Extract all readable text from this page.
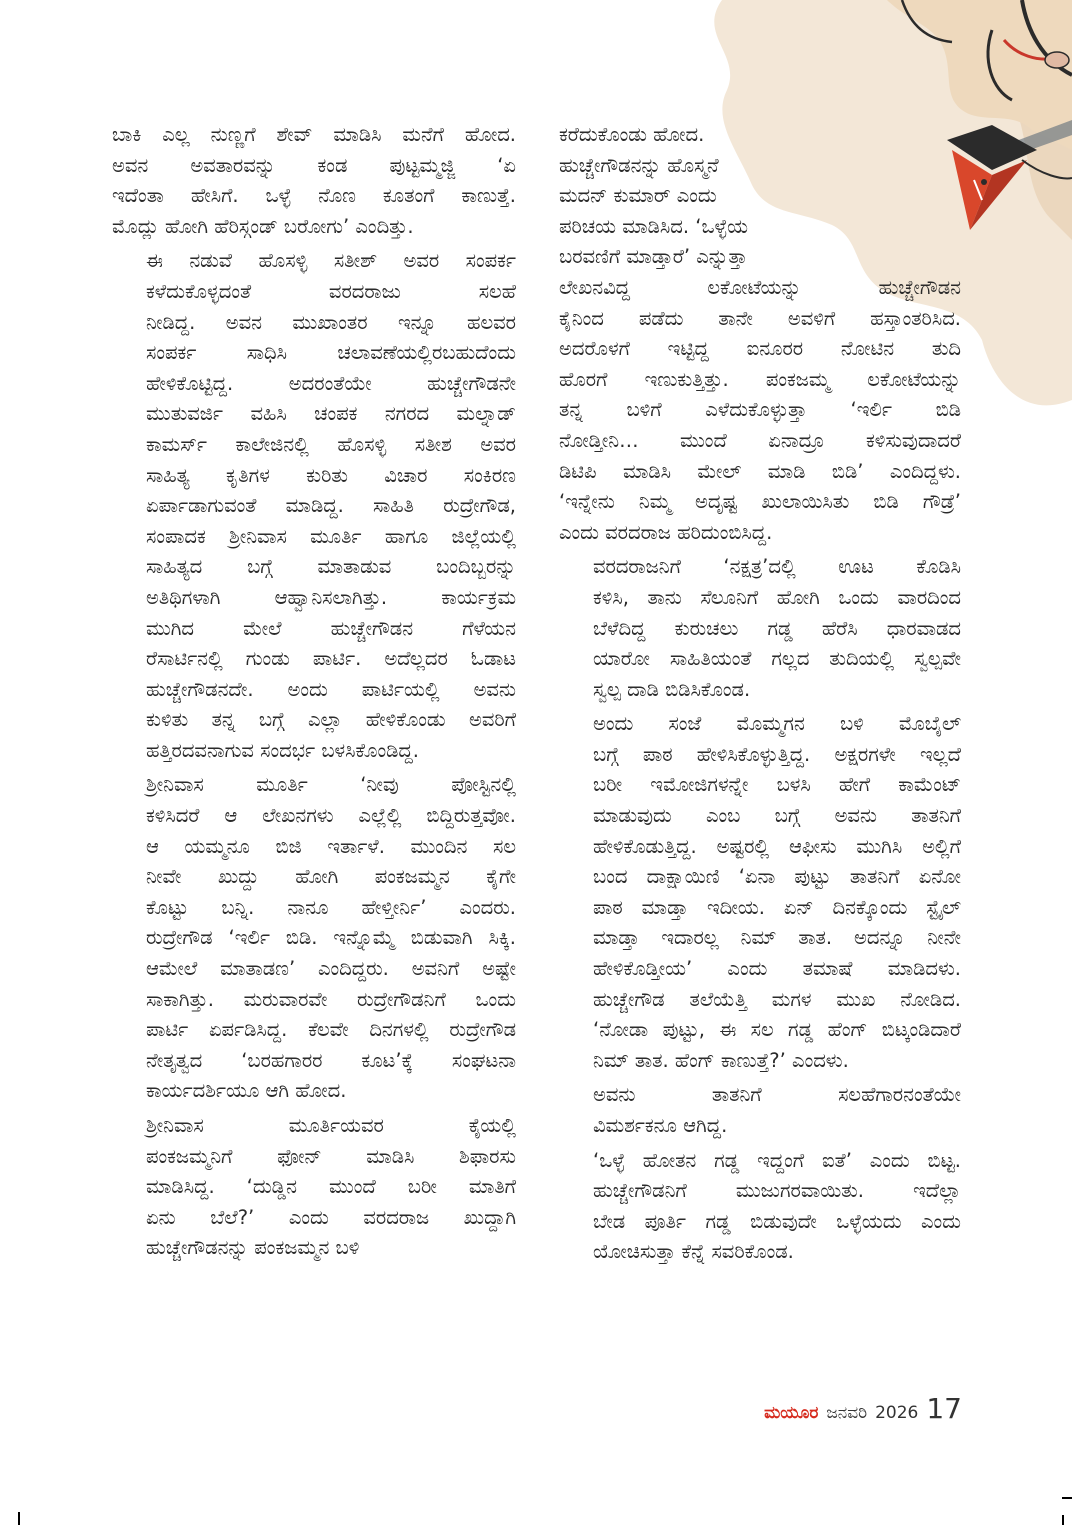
ಬಾಕಿ ಎಲ್ಲ ನುಣ್ಣಗೆ ಶೇವ್ ಮಾಡಿಸಿ ಮನೆಗೆ ಹೋದ.
ಅವನ ಅವತಾರವನ್ನು ಕಂಡ ಪುಟ್ಟಮ್ಮಜ್ಜಿ ‘ಏ
ಇದೆಂತಾ ಹೇಸಿಗೆ. ಒಳ್ಳೆ ನೊಣ ಕೂತಂಗೆ ಕಾಣುತ್ತೆ.
ಮೊದ್ಲು ಹೋಗಿ ಹೆರಿಸ್ಗಂಡ್ ಬರೋಗು’ ಎಂದಿತ್ತು.

ಈ ನಡುವೆ ಹೊಸಳ್ಳಿ ಸತೀಶ್ ಅವರ ಸಂಪರ್ಕ
ಕಳೆದುಕೊಳ್ಳದಂತೆ ವರದರಾಜು ಸಲಹೆ
ನೀಡಿದ್ದ. ಅವನ ಮುಖಾಂತರ ಇನ್ನೂ ಹಲವರ
ಸಂಪರ್ಕ ಸಾಧಿಸಿ ಚಲಾವಣೆಯಲ್ಲಿರಬಹುದೆಂದು
ಹೇಳಿಕೊಟ್ಟಿದ್ದ. ಅದರಂತೆಯೇ ಹುಚ್ಚೇಗೌಡನೇ
ಮುತುವರ್ಜಿ ವಹಿಸಿ ಚಂಪಕ ನಗರದ ಮಲ್ನಾಡ್
ಕಾಮರ್ಸ್ ಕಾಲೇಜಿನಲ್ಲಿ ಹೊಸಳ್ಳಿ ಸತೀಶ ಅವರ
ಸಾಹಿತ್ಯ ಕೃತಿಗಳ ಕುರಿತು ವಿಚಾರ ಸಂಕಿರಣ
ಏರ್ಪಾಡಾಗುವಂತೆ ಮಾಡಿದ್ದ. ಸಾಹಿತಿ ರುದ್ರೇಗೌಡ,
ಸಂಪಾದಕ ಶ್ರೀನಿವಾಸ ಮೂರ್ತಿ ಹಾಗೂ ಜಿಲ್ಲೆಯಲ್ಲಿ
ಸಾಹಿತ್ಯದ ಬಗ್ಗೆ ಮಾತಾಡುವ ಬಂದಿಬ್ಬರನ್ನು
ಅತಿಥಿಗಳಾಗಿ ಆಹ್ವಾನಿಸಲಾಗಿತ್ತು. ಕಾರ್ಯಕ್ರಮ
ಮುಗಿದ ಮೇಲೆ ಹುಚ್ಚೇಗೌಡನ ಗೆಳೆಯನ
ರೆಸಾರ್ಟಿನಲ್ಲಿ ಗುಂಡು ಪಾರ್ಟಿ. ಅದೆಲ್ಲದರ ಓಡಾಟ
ಹುಚ್ಚೇಗೌಡನದೇ. ಅಂದು ಪಾರ್ಟಿಯಲ್ಲಿ ಅವನು
ಕುಳಿತು ತನ್ನ ಬಗ್ಗೆ ಎಲ್ಲಾ ಹೇಳಿಕೊಂಡು ಅವರಿಗೆ
ಹತ್ತಿರದವನಾಗುವ ಸಂದರ್ಭ ಬಳಸಿಕೊಂಡಿದ್ದ.

ಶ್ರೀನಿವಾಸ ಮೂರ್ತಿ ‘ನೀವು ಪೋಸ್ಟಿನಲ್ಲಿ
ಕಳಿಸಿದರೆ ಆ ಲೇಖನಗಳು ಎಲ್ಲೆಲ್ಲಿ ಬಿದ್ದಿರುತ್ತವೋ.
ಆ ಯಮ್ಮನೂ ಬಿಜಿ ಇರ್ತಾಳೆ. ಮುಂದಿನ ಸಲ
ನೀವೇ ಖುದ್ದು ಹೋಗಿ ಪಂಕಜಮ್ಮನ ಕೈಗೇ
ಕೊಟ್ಟು ಬನ್ನಿ. ನಾನೂ ಹೇಳ್ತೀರ್ನಿ’ ಎಂದರು.
ರುದ್ರೇಗೌಡ ‘ಇರ್ಲಿ ಬಿಡಿ. ಇನ್ನೊಮ್ಮೆ ಬಿಡುವಾಗಿ ಸಿಕ್ಕಿ.
ಆಮೇಲೆ ಮಾತಾಡಣ’ ಎಂದಿದ್ದರು. ಅವನಿಗೆ ಅಷ್ಟೇ
ಸಾಕಾಗಿತ್ತು. ಮರುವಾರವೇ ರುದ್ರೇಗೌಡನಿಗೆ ಒಂದು
ಪಾರ್ಟಿ ಏರ್ಪಡಿಸಿದ್ದ. ಕೆಲವೇ ದಿನಗಳಲ್ಲಿ ರುದ್ರೇಗೌಡ
ನೇತೃತ್ವದ ‘ಬರಹಗಾರರ ಕೂಟ’ಕ್ಕೆ ಸಂಘಟನಾ
ಕಾರ್ಯದರ್ಶಿಯೂ ಆಗಿ ಹೋದ.

ಶ್ರೀನಿವಾಸ ಮೂರ್ತಿಯವರ ಕೈಯಲ್ಲಿ
ಪಂಕಜಮ್ಮನಿಗೆ ಫೋನ್ ಮಾಡಿಸಿ ಶಿಫಾರಸು
ಮಾಡಿಸಿದ್ದ. ‘ದುಡ್ಡಿನ ಮುಂದೆ ಬರೀ ಮಾತಿಗೆ
ಏನು ಬೆಲೆ?’ ಎಂದು ವರದರಾಜ ಖುದ್ದಾಗಿ
ಹುಚ್ಚೇಗೌಡನನ್ನು ಪಂಕಜಮ್ಮನ ಬಳಿ

ಕರೆದುಕೊಂಡು ಹೋದ.

ಹುಚ್ಚೇಗೌಡನನ್ನು ಹೊಸ್ಮನೆ

ಮದನ್ ಕುಮಾರ್ ಎಂದು

ಪರಿಚಯ ಮಾಡಿಸಿದ. ‘ಒಳ್ಳೆಯ

ಬರವಣಿಗೆ ಮಾಡ್ತಾರೆ’ ಎನ್ನುತ್ತಾ

ಲೇಖನವಿದ್ದ ಲಕೋಟೆಯನ್ನು ಹುಚ್ಚೇಗೌಡನ
ಕೈನಿಂದ ಪಡೆದು ತಾನೇ ಅವಳಿಗೆ ಹಸ್ತಾಂತರಿಸಿದ.
ಅದರೊಳಗೆ ಇಟ್ಟಿದ್ದ ಐನೂರರ ನೋಟಿನ ತುದಿ
ಹೊರಗೆ ಇಣುಕುತ್ತಿತ್ತು. ಪಂಕಜಮ್ಮ ಲಕೋಟೆಯನ್ನು
ತನ್ನ ಬಳಿಗೆ ಎಳೆದುಕೊಳ್ಳುತ್ತಾ ‘ಇರ್ಲಿ ಬಿಡಿ
ನೋಡ್ತೀನಿ… ಮುಂದೆ ಏನಾದ್ರೂ ಕಳಿಸುವುದಾದರೆ
ಡಿಟಿಪಿ ಮಾಡಿಸಿ ಮೇಲ್ ಮಾಡಿ ಬಿಡಿ’ ಎಂದಿದ್ದಳು.
‘ಇನ್ನೇನು ನಿಮ್ಮ ಅದೃಷ್ಟ ಖುಲಾಯಿಸಿತು ಬಿಡಿ ಗೌಡ್ರೆ’
ಎಂದು ವರದರಾಜ ಹರಿದುಂಬಿಸಿದ್ದ.

ವರದರಾಜನಿಗೆ ‘ನಕ್ಷತ್ರ’ದಲ್ಲಿ ಊಟ ಕೊಡಿಸಿ
ಕಳಿಸಿ, ತಾನು ಸೆಲೂನಿಗೆ ಹೋಗಿ ಒಂದು ವಾರದಿಂದ
ಬೆಳೆದಿದ್ದ ಕುರುಚಲು ಗಡ್ಡ ಹೆರೆಸಿ ಧಾರವಾಡದ
ಯಾರೋ ಸಾಹಿತಿಯಂತೆ ಗಲ್ಲದ ತುದಿಯಲ್ಲಿ ಸ್ವಲ್ಪವೇ
ಸ್ವಲ್ಪ ದಾಡಿ ಬಿಡಿಸಿಕೊಂಡ.

ಅಂದು ಸಂಜೆ ಮೊಮ್ಮಗನ ಬಳಿ ಮೊಬೈಲ್
ಬಗ್ಗೆ ಪಾಠ ಹೇಳಿಸಿಕೊಳ್ಳುತ್ತಿದ್ದ. ಅಕ್ಷರಗಳೇ ಇಲ್ಲದೆ
ಬರೀ ಇಮೋಜಿಗಳನ್ನೇ ಬಳಸಿ ಹೇಗೆ ಕಾಮೆಂಟ್
ಮಾಡುವುದು ಎಂಬ ಬಗ್ಗೆ ಅವನು ತಾತನಿಗೆ
ಹೇಳಿಕೊಡುತ್ತಿದ್ದ. ಅಷ್ಟರಲ್ಲಿ ಆಫೀಸು ಮುಗಿಸಿ ಅಲ್ಲಿಗೆ
ಬಂದ ದಾಕ್ಷಾಯಿಣಿ ‘ಏನಾ ಪುಟ್ಟು ತಾತನಿಗೆ ಏನೋ
ಪಾಠ ಮಾಡ್ತಾ ಇದೀಯ. ಏನ್ ದಿನಕ್ಕೊಂದು ಸ್ಟೈಲ್
ಮಾಡ್ತಾ ಇದಾರಲ್ಲ ನಿಮ್ ತಾತ. ಅದನ್ನೂ ನೀನೇ
ಹೇಳಿಕೊಡ್ತೀಯ’ ಎಂದು ತಮಾಷೆ ಮಾಡಿದಳು.
ಹುಚ್ಚೇಗೌಡ ತಲೆಯೆತ್ತಿ ಮಗಳ ಮುಖ ನೋಡಿದ.
‘ನೋಡಾ ಪುಟ್ಟು, ಈ ಸಲ ಗಡ್ಡ ಹೆಂಗ್ ಬಿಟ್ಕಂಡಿದಾರೆ
ನಿಮ್ ತಾತ. ಹೆಂಗ್ ಕಾಣುತ್ತೆ?’ ಎಂದಳು.

ಅವನು ತಾತನಿಗೆ ಸಲಹೆಗಾರನಂತೆಯೇ
ವಿಮರ್ಶಕನೂ ಆಗಿದ್ದ.

‘ಒಳ್ಳೆ ಹೋತನ ಗಡ್ಡ ಇದ್ದಂಗೆ ಐತೆ’ ಎಂದು ಬಿಟ್ಟ.
ಹುಚ್ಚೇಗೌಡನಿಗೆ ಮುಜುಗರವಾಯಿತು. ಇದೆಲ್ಲಾ
ಬೇಡ ಪೂರ್ತಿ ಗಡ್ಡ ಬಿಡುವುದೇ ಒಳ್ಳೆಯದು ಎಂದು
ಯೋಚಿಸುತ್ತಾ ಕೆನ್ನೆ ಸವರಿಕೊಂಡ.

ಮಯೂರ ಜನವರಿ 2026 17
